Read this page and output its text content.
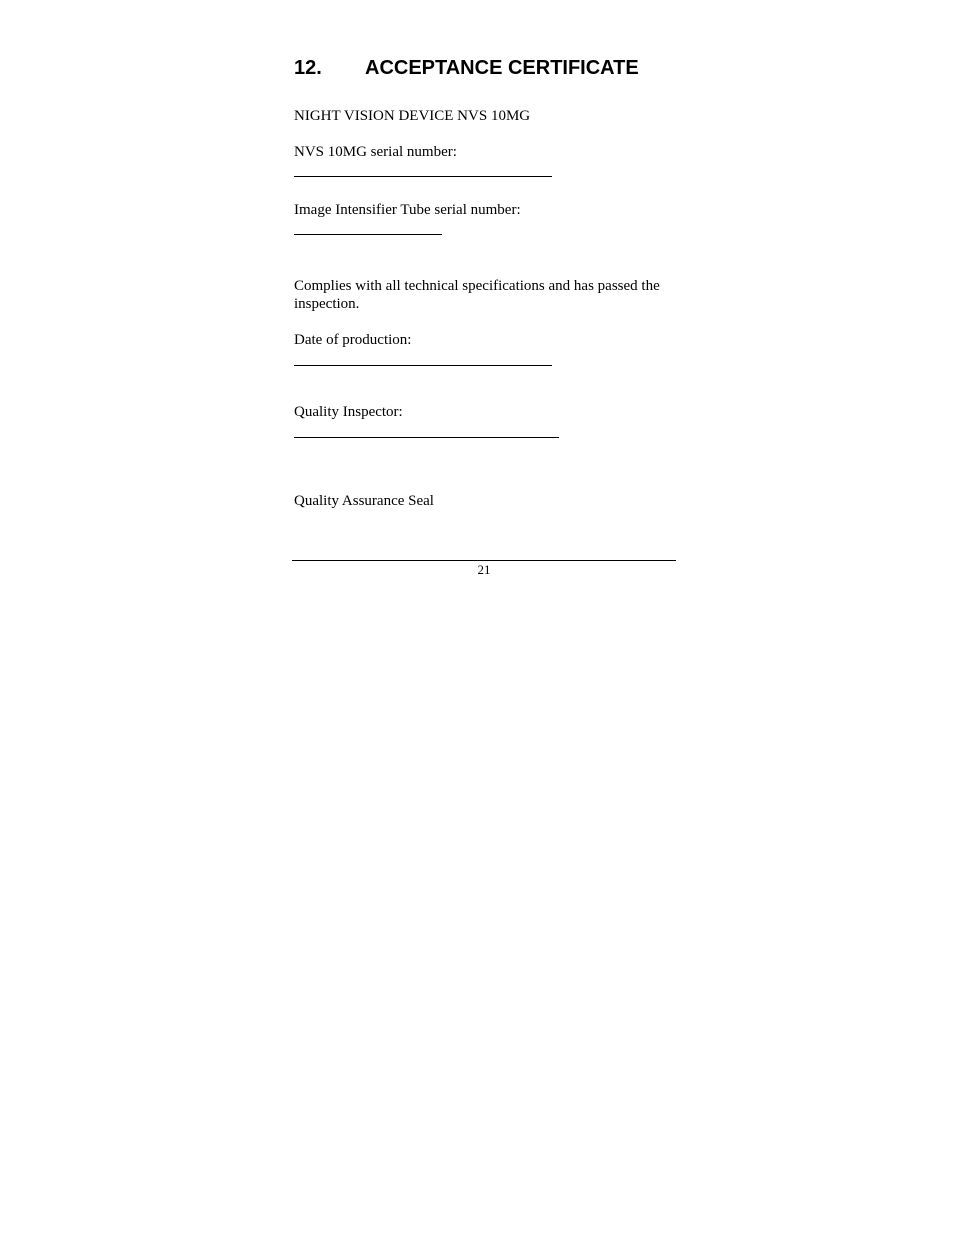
12. ACCEPTANCE CERTIFICATE
NIGHT VISION DEVICE NVS 10MG
NVS 10MG serial number:
Image Intensifier Tube serial number:
Complies with all technical specifications and has passed the inspection.
Date of production:
Quality Inspector:
Quality Assurance Seal
21
